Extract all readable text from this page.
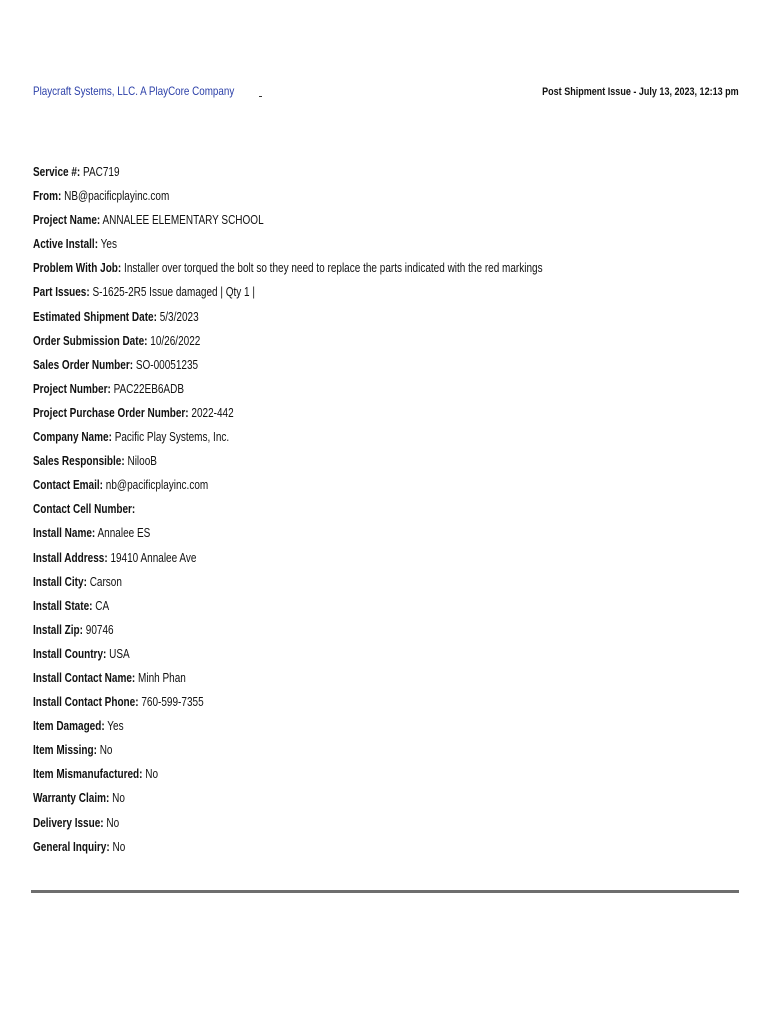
Playcraft Systems, LLC. A PlayCore Company	Post Shipment Issue - July 13, 2023, 12:13 pm
Service #: PAC719
From: NB@pacificplayinc.com
Project Name: ANNALEE ELEMENTARY SCHOOL
Active Install: Yes
Problem With Job: Installer over torqued the bolt so they need to replace the parts indicated with the red markings
Part Issues: S-1625-2R5 Issue damaged | Qty 1 |
Estimated Shipment Date: 5/3/2023
Order Submission Date: 10/26/2022
Sales Order Number: SO-00051235
Project Number: PAC22EB6ADB
Project Purchase Order Number: 2022-442
Company Name: Pacific Play Systems, Inc.
Sales Responsible: NilooB
Contact Email: nb@pacificplayinc.com
Contact Cell Number:
Install Name: Annalee ES
Install Address: 19410 Annalee Ave
Install City: Carson
Install State: CA
Install Zip: 90746
Install Country: USA
Install Contact Name: Minh Phan
Install Contact Phone: 760-599-7355
Item Damaged: Yes
Item Missing: No
Item Mismanufactured: No
Warranty Claim: No
Delivery Issue: No
General Inquiry: No
